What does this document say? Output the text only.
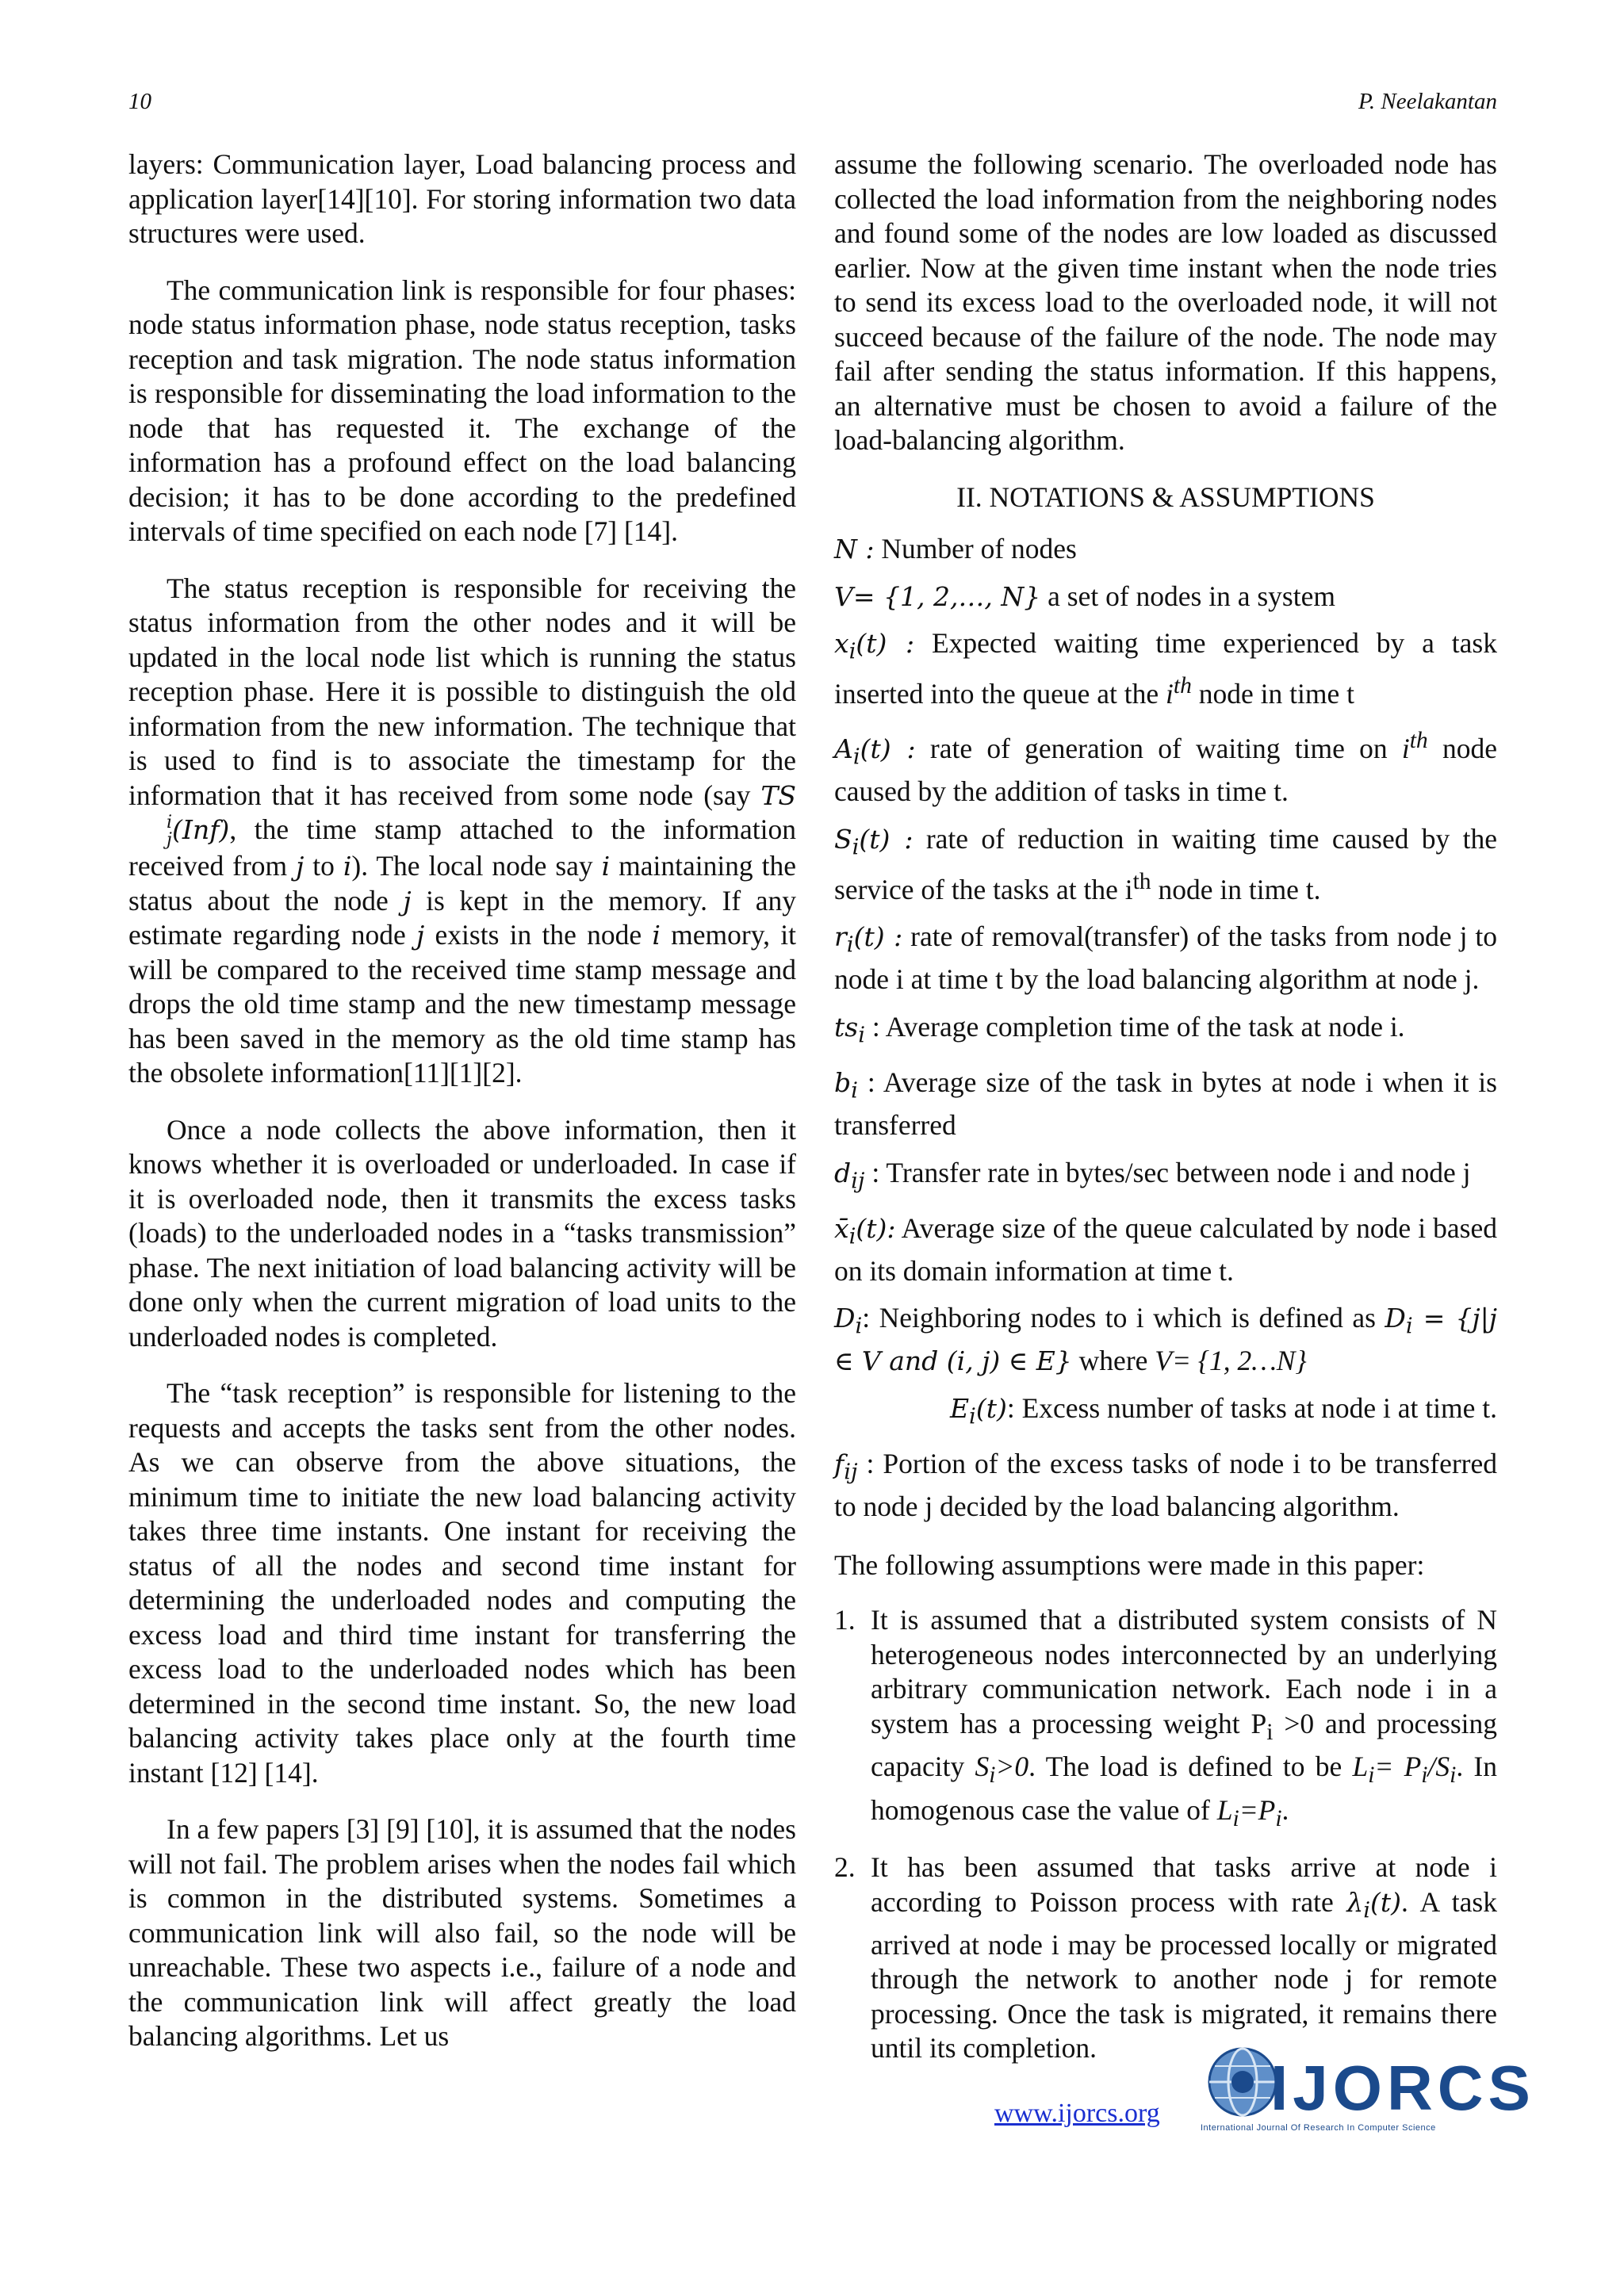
10	P. Neelakantan

layers: Communication layer, Load balancing process and application layer[14][10]. For storing information two data structures were used.

The communication link is responsible for four phases: node status information phase, node status reception, tasks reception and task migration. The node status information is responsible for disseminating the load information to the node that has requested it. The exchange of the information has a profound effect on the load balancing decision; it has to be done according to the predefined intervals of time specified on each node [7] [14].

The status reception is responsible for receiving the status information from the other nodes and it will be updated in the local node list which is running the status reception phase. Here it is possible to distinguish the old information from the new information. The technique that is used to find is to associate the timestamp for the information that it has received from some node (say TS
i
j (Inf), the time stamp attached to the information received from j to i). The local node say i maintaining the status about the node j is kept in the memory. If any estimate regarding node j exists in the node i memory, it will be compared to the received time stamp message and drops the old time stamp and the new timestamp message has been saved in the memory as the old time stamp has the obsolete information[11][1][2].

Once a node collects the above information, then it knows whether it is overloaded or underloaded. In case if it is overloaded node, then it transmits the excess tasks (loads) to the underloaded nodes in a “tasks transmission” phase. The next initiation of load balancing activity will be done only when the current migration of load units to the underloaded nodes is completed.

The “task reception” is responsible for listening to the requests and accepts the tasks sent from the other nodes. As we can observe from the above situations, the minimum time to initiate the new load balancing activity takes three time instants. One instant for receiving the status of all the nodes and second time instant for determining the underloaded nodes and computing the excess load and third time instant for transferring the excess load to the underloaded nodes which has been determined in the second time instant. So, the new load balancing activity takes place only at the fourth time instant [12] [14].

In a few papers [3] [9] [10], it is assumed that the nodes will not fail. The problem arises when the nodes fail which is common in the distributed systems. Sometimes a communication link will also fail, so the node will be unreachable. These two aspects i.e., failure of a node and the communication link will affect greatly the load balancing algorithms. Let us

assume the following scenario. The overloaded node has collected the load information from the neighboring nodes and found some of the nodes are low loaded as discussed earlier. Now at the given time instant when the node tries to send its excess load to the overloaded node, it will not succeed because of the failure of the node. The node may fail after sending the status information. If this happens, an alternative must be chosen to avoid a failure of the load-balancing algorithm.

II. NOTATIONS & ASSUMPTIONS
N : Number of nodes
V= {1, 2,…, N} a set of nodes in a system
$x_i(t)$ : Expected waiting time experienced by a task inserted into the queue at the $i^{th}$ node in time t
$A_i(t)$ : rate of generation of waiting time on $i^{th}$ node caused by the addition of tasks in time t.
$S_i(t)$ : rate of reduction in waiting time caused by the service of the tasks at the $i^{th}$ node in time t.
$r_i(t)$ : rate of removal(transfer) of the tasks from node j to node i at time t by the load balancing algorithm at node j.
$ts_i$ : Average completion time of the task at node i.
$b_i$ : Average size of the task in bytes at node i when it is transferred
$d_{ij}$ : Transfer rate in bytes/sec between node i and node j
$x̄_i(t)$: Average size of the queue calculated by node i based on its domain information at time t.
$D_i$: Neighboring nodes to i which is defined as $D_i = \{j|j$ ∈ V and (i, j) ∈ E} where V= {1, 2…N}
$E_i(t)$: Excess number of tasks at node i at time t.
$f_{ij}$ : Portion of the excess tasks of node i to be transferred to node j decided by the load balancing algorithm.

The following assumptions were made in this paper:

1. It is assumed that a distributed system consists of N heterogeneous nodes interconnected by an underlying arbitrary communication network. Each node i in a system has a processing weight $P_i >0$ and processing capacity $S_i>0$. The load is defined to be $L_i= P_i/S_i$. In homogenous case the value of $L_i=P_i$.
2. It has been assumed that tasks arrive at node i according to Poisson process with rate $\lambda_i(t)$. A task arrived at node i may be processed locally or migrated through the network to another node j for remote processing. Once the task is migrated, it remains there until its completion.
www.ijorcs.org IJORCS
International Journal Of Research In Computer Science
